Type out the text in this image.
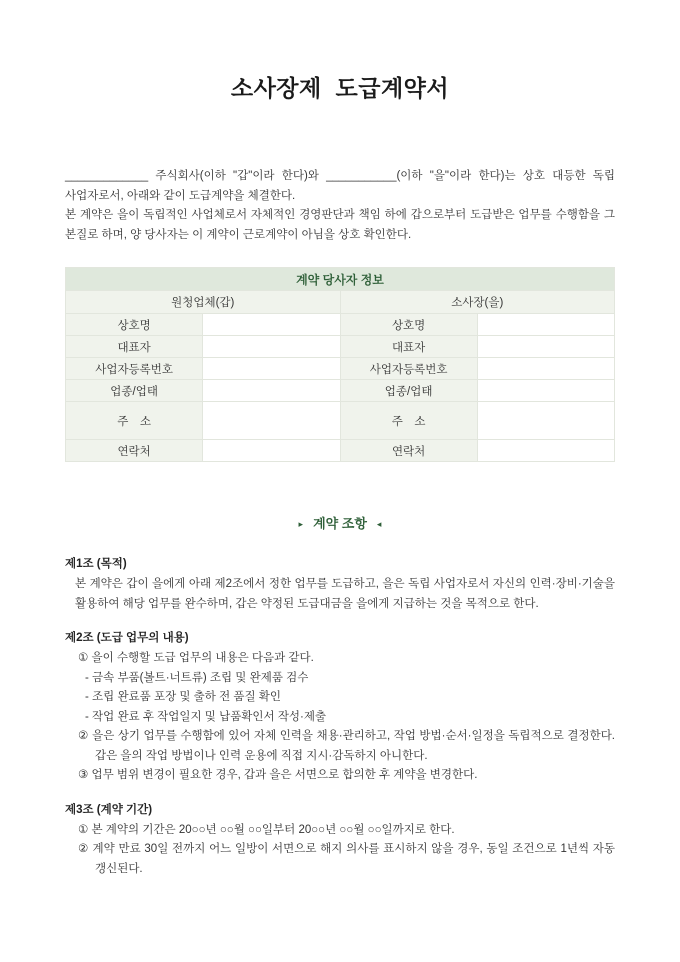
소사장제  도급계약서

_____________ 주식회사(이하 "갑"이라 한다)와 ___________(이하 "을"이라 한다)는 상호 대등한 독립 사업자로서, 아래와 같이 도급계약을 체결한다.

본 계약은 을이 독립적인 사업체로서 자체적인 경영판단과 책임 하에 갑으로부터 도급받은 업무를 수행함을 그 본질로 하며, 양 당사자는 이 계약이 근로계약이 아님을 상호 확인한다.

계약 당사자 정보			
원청업체(갑)		소사장(을)	
상호명		상호명	
대표자		대표자	
사업자등록번호		사업자등록번호	
업종/업태		업종/업태	
주　소		주　소	
연락처		연락처	
▸ 계약 조항 ◂
제1조 (목적)

본 계약은 갑이 을에게 아래 제2조에서 정한 업무를 도급하고, 을은 독립 사업자로서 자신의 인력·장비·기술을 활용하여 해당 업무를 완수하며, 갑은 약정된 도급대금을 을에게 지급하는 것을 목적으로 한다.

제2조 (도급 업무의 내용)

① 을이 수행할 도급 업무의 내용은 다음과 같다.

- 금속 부품(볼트·너트류) 조립 및 완제품 검수

- 조립 완료품 포장 및 출하 전 품질 확인

- 작업 완료 후 작업일지 및 납품확인서 작성·제출

② 을은 상기 업무를 수행함에 있어 자체 인력을 채용·관리하고, 작업 방법·순서·일정을 독립적으로 결정한다. 갑은 을의 작업 방법이나 인력 운용에 직접 지시·감독하지 아니한다.

③ 업무 범위 변경이 필요한 경우, 갑과 을은 서면으로 합의한 후 계약을 변경한다.

제3조 (계약 기간)

① 본 계약의 기간은 20○○년 ○○월 ○○일부터 20○○년 ○○월 ○○일까지로 한다.

② 계약 만료 30일 전까지 어느 일방이 서면으로 해지 의사를 표시하지 않을 경우, 동일 조건으로 1년씩 자동 갱신된다.
